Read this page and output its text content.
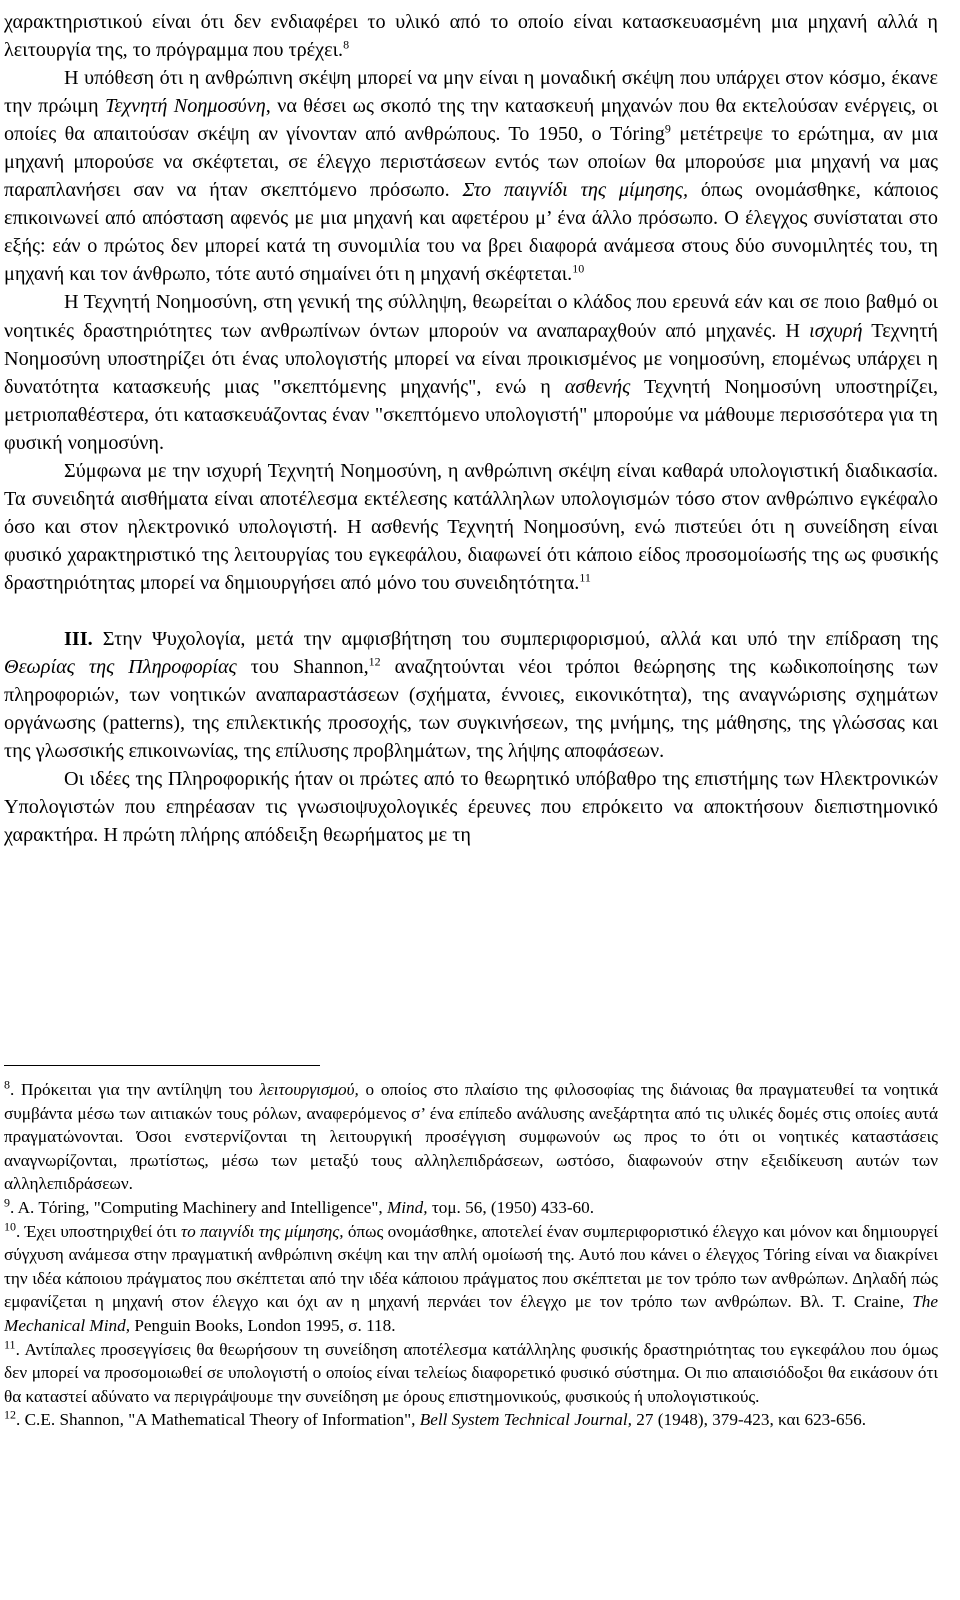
χαρακτηριστικού είναι ότι δεν ενδιαφέρει το υλικό από το οποίο είναι κατασκευασμένη μια μηχανή αλλά η λειτουργία της, το πρόγραμμα που τρέχει.$^8$

Η υπόθεση ότι η ανθρώπινη σκέψη μπορεί να μην είναι η μοναδική σκέψη που υπάρχει στον κόσμο, έκανε την πρώιμη Τεχνητή Νοημοσύνη, να θέσει ως σκοπό της την κατασκευή μηχανών που θα εκτελούσαν ενέργεις, οι οποίες θα απαιτούσαν σκέψη αν γίνονταν από ανθρώπους. Το 1950, ο Tόring$^9$ μετέτρεψε το ερώτημα, αν μια μηχανή μπορούσε να σκέφτεται, σε έλεγχο περιστάσεων εντός των οποίων θα μπορούσε μια μηχανή να μας παραπλανήσει σαν να ήταν σκεπτόμενο πρόσωπο. Στο παιγνίδι της μίμησης, όπως ονομάσθηκε, κάποιος επικοινωνεί από απόσταση αφενός με μια μηχανή και αφετέρου μ’ ένα άλλο πρόσωπο. Ο έλεγχος συνίσταται στο εξής: εάν ο πρώτος δεν μπορεί κατά τη συνομιλία του να βρει διαφορά ανάμεσα στους δύο συνομιλητές του, τη μηχανή και τον άνθρωπο, τότε αυτό σημαίνει ότι η μηχανή σκέφτεται.$^{10}$

Η Τεχνητή Νοημοσύνη, στη γενική της σύλληψη, θεωρείται ο κλάδος που ερευνά εάν και σε ποιο βαθμό οι νοητικές δραστηριότητες των ανθρωπίνων όντων μπορούν να αναπαραχθούν από μηχανές. Η ισχυρή Τεχνητή Νοημοσύνη υποστηρίζει ότι ένας υπολογιστής μπορεί να είναι προικισμένος με νοημοσύνη, επομένως υπάρχει η δυνατότητα κατασκευής μιας "σκεπτόμενης μηχανής", ενώ η ασθενής Τεχνητή Νοημοσύνη υποστηρίζει, μετριοπαθέστερα, ότι κατασκευάζοντας έναν "σκεπτόμενο υπολογιστή" μπορούμε να μάθουμε περισσότερα για τη φυσική νοημοσύνη.

Σύμφωνα με την ισχυρή Τεχνητή Νοημοσύνη, η ανθρώπινη σκέψη είναι καθαρά υπολογιστική διαδικασία. Τα συνειδητά αισθήματα είναι αποτέλεσμα εκτέλεσης κατάλληλων υπολογισμών τόσο στον ανθρώπινο εγκέφαλο όσο και στον ηλεκτρονικό υπολογιστή. Η ασθενής Τεχνητή Νοημοσύνη, ενώ πιστεύει ότι η συνείδηση είναι φυσικό χαρακτηριστικό της λειτουργίας του εγκεφάλου, διαφωνεί ότι κάποιο είδος προσομοίωσής της ως φυσικής δραστηριότητας μπορεί να δημιουργήσει από μόνο του συνειδητότητα.$^{11}$

III. Στην Ψυχολογία, μετά την αμφισβήτηση του συμπεριφορισμού, αλλά και υπό την επίδραση της Θεωρίας της Πληροφορίας του Shannon,$^{12}$ αναζητούνται νέοι τρόποι θεώρησης της κωδικοποίησης των πληροφοριών, των νοητικών αναπαραστάσεων (σχήματα, έννοιες, εικονικότητα), της αναγνώρισης σχημάτων οργάνωσης (patterns), της επιλεκτικής προσοχής, των συγκινήσεων, της μνήμης, της μάθησης, της γλώσσας και της γλωσσικής επικοινωνίας, της επίλυσης προβλημάτων, της λήψης αποφάσεων.

Οι ιδέες της Πληροφορικής ήταν οι πρώτες από το θεωρητικό υπόβαθρο της επιστήμης των Ηλεκτρονικών Υπολογιστών που επηρέασαν τις γνωσιοψυχολογικές έρευνες που επρόκειτο να αποκτήσουν διεπιστημονικό χαρακτήρα. Η πρώτη πλήρης απόδειξη θεωρήματος με τη

$^8$. Πρόκειται για την αντίληψη του λειτουργισμού, ο οποίος στο πλαίσιο της φιλοσοφίας της διάνοιας θα πραγματευθεί τα νοητικά συμβάντα μέσω των αιτιακών τους ρόλων, αναφερόμενος σ’ ένα επίπεδο ανάλυσης ανεξάρτητα από τις υλικές δομές στις οποίες αυτά πραγματώνονται. Όσοι ενστερνίζονται τη λειτουργική προσέγγιση συμφωνούν ως προς το ότι οι νοητικές καταστάσεις αναγνωρίζονται, πρωτίστως, μέσω των μεταξύ τους αλληλεπιδράσεων, ωστόσο, διαφωνούν στην εξειδίκευση αυτών των αλληλεπιδράσεων.

$^9$. A. Tόring, "Computing Machinery and Intelligence", Mind, τομ. 56, (1950) 433-60.

$^{10}$. Έχει υποστηριχθεί ότι το παιγνίδι της μίμησης, όπως ονομάσθηκε, αποτελεί έναν συμπεριφοριστικό έλεγχο και μόνον και δημιουργεί σύγχυση ανάμεσα στην πραγματική ανθρώπινη σκέψη και την απλή ομοίωσή της. Αυτό που κάνει ο έλεγχος Tόring είναι να διακρίνει την ιδέα κάποιου πράγματος που σκέπτεται από την ιδέα κάποιου πράγματος που σκέπτεται με τον τρόπο των ανθρώπων. Δηλαδή πώς εμφανίζεται η μηχανή στον έλεγχο και όχι αν η μηχανή περνάει τον έλεγχο με τον τρόπο των ανθρώπων. Βλ. T. Craine, The Mechanical Mind, Penguin Books, London 1995, σ. 118.

$^{11}$. Αντίπαλες προσεγγίσεις θα θεωρήσουν τη συνείδηση αποτέλεσμα κατάλληλης φυσικής δραστηριότητας του εγκεφάλου που όμως δεν μπορεί να προσομοιωθεί σε υπολογιστή ο οποίος είναι τελείως διαφορετικό φυσικό σύστημα. Οι πιο απαισιόδοξοι θα εικάσουν ότι θα καταστεί αδύνατο να περιγράψουμε την συνείδηση με όρους επιστημονικούς, φυσικούς ή υπολογιστικούς.

$^{12}$. C.E. Shannon, "A Mathematical Theory of Information", Bell System Technical Journal, 27 (1948), 379-423, και 623-656.
